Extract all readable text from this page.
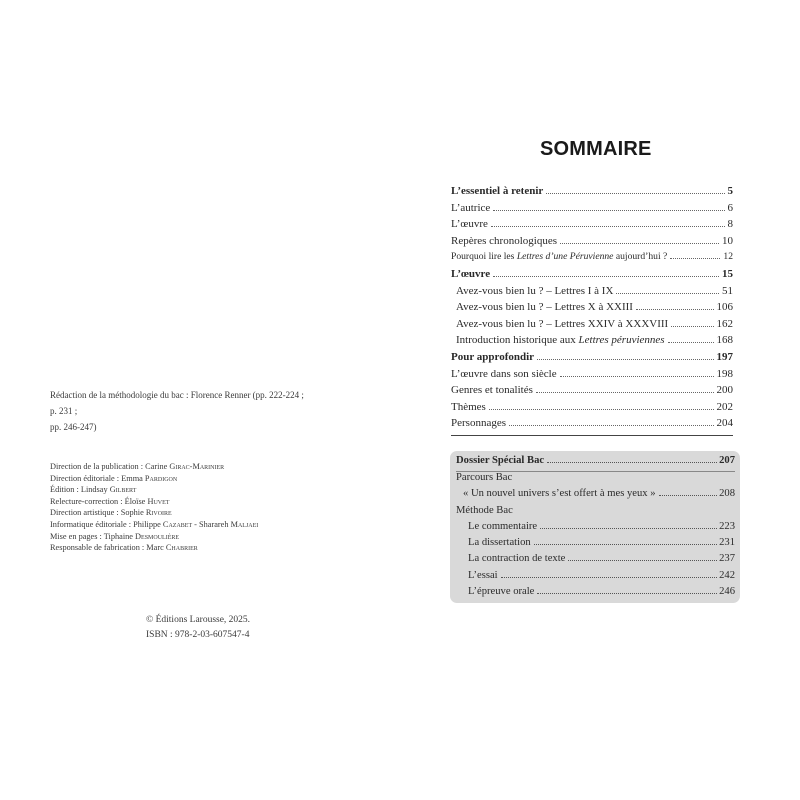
Rédaction de la méthodologie du bac : Florence Renner (pp. 222-224 ; p. 231 ;
pp. 246-247)
Direction de la publication : Carine Girac-Marinier
Direction éditoriale : Emma Pardigon
Édition : Lindsay Gilbert
Relecture-correction : Éloïse Huvet
Direction artistique : Sophie Rivoire
Informatique éditoriale : Philippe Cazabet - Sharareh Maljaei
Mise en pages : Tiphaine Desmoulière
Responsable de fabrication : Marc Chabrier
© Éditions Larousse, 2025.
ISBN : 978-2-03-607547-4
SOMMAIRE
L’essentiel à retenir	5
L’autrice	6
L’œuvre	8
Repères chronologiques	10
Pourquoi lire les Lettres d’une Péruvienne aujourd’hui ?	12
L’œuvre	15
Avez-vous bien lu ? – Lettres I à IX	51
Avez-vous bien lu ? – Lettres X à XXIII	106
Avez-vous bien lu ? – Lettres XXIV à XXXVIII	162
Introduction historique aux Lettres péruviennes	168
Pour approfondir	197
L’œuvre dans son siècle	198
Genres et tonalités	200
Thèmes	202
Personnages	204
Dossier Spécial Bac	207
Parcours Bac
« Un nouvel univers s’est offert à mes yeux »	208
Méthode Bac
Le commentaire	223
La dissertation	231
La contraction de texte	237
L’essai	242
L’épreuve orale	246
